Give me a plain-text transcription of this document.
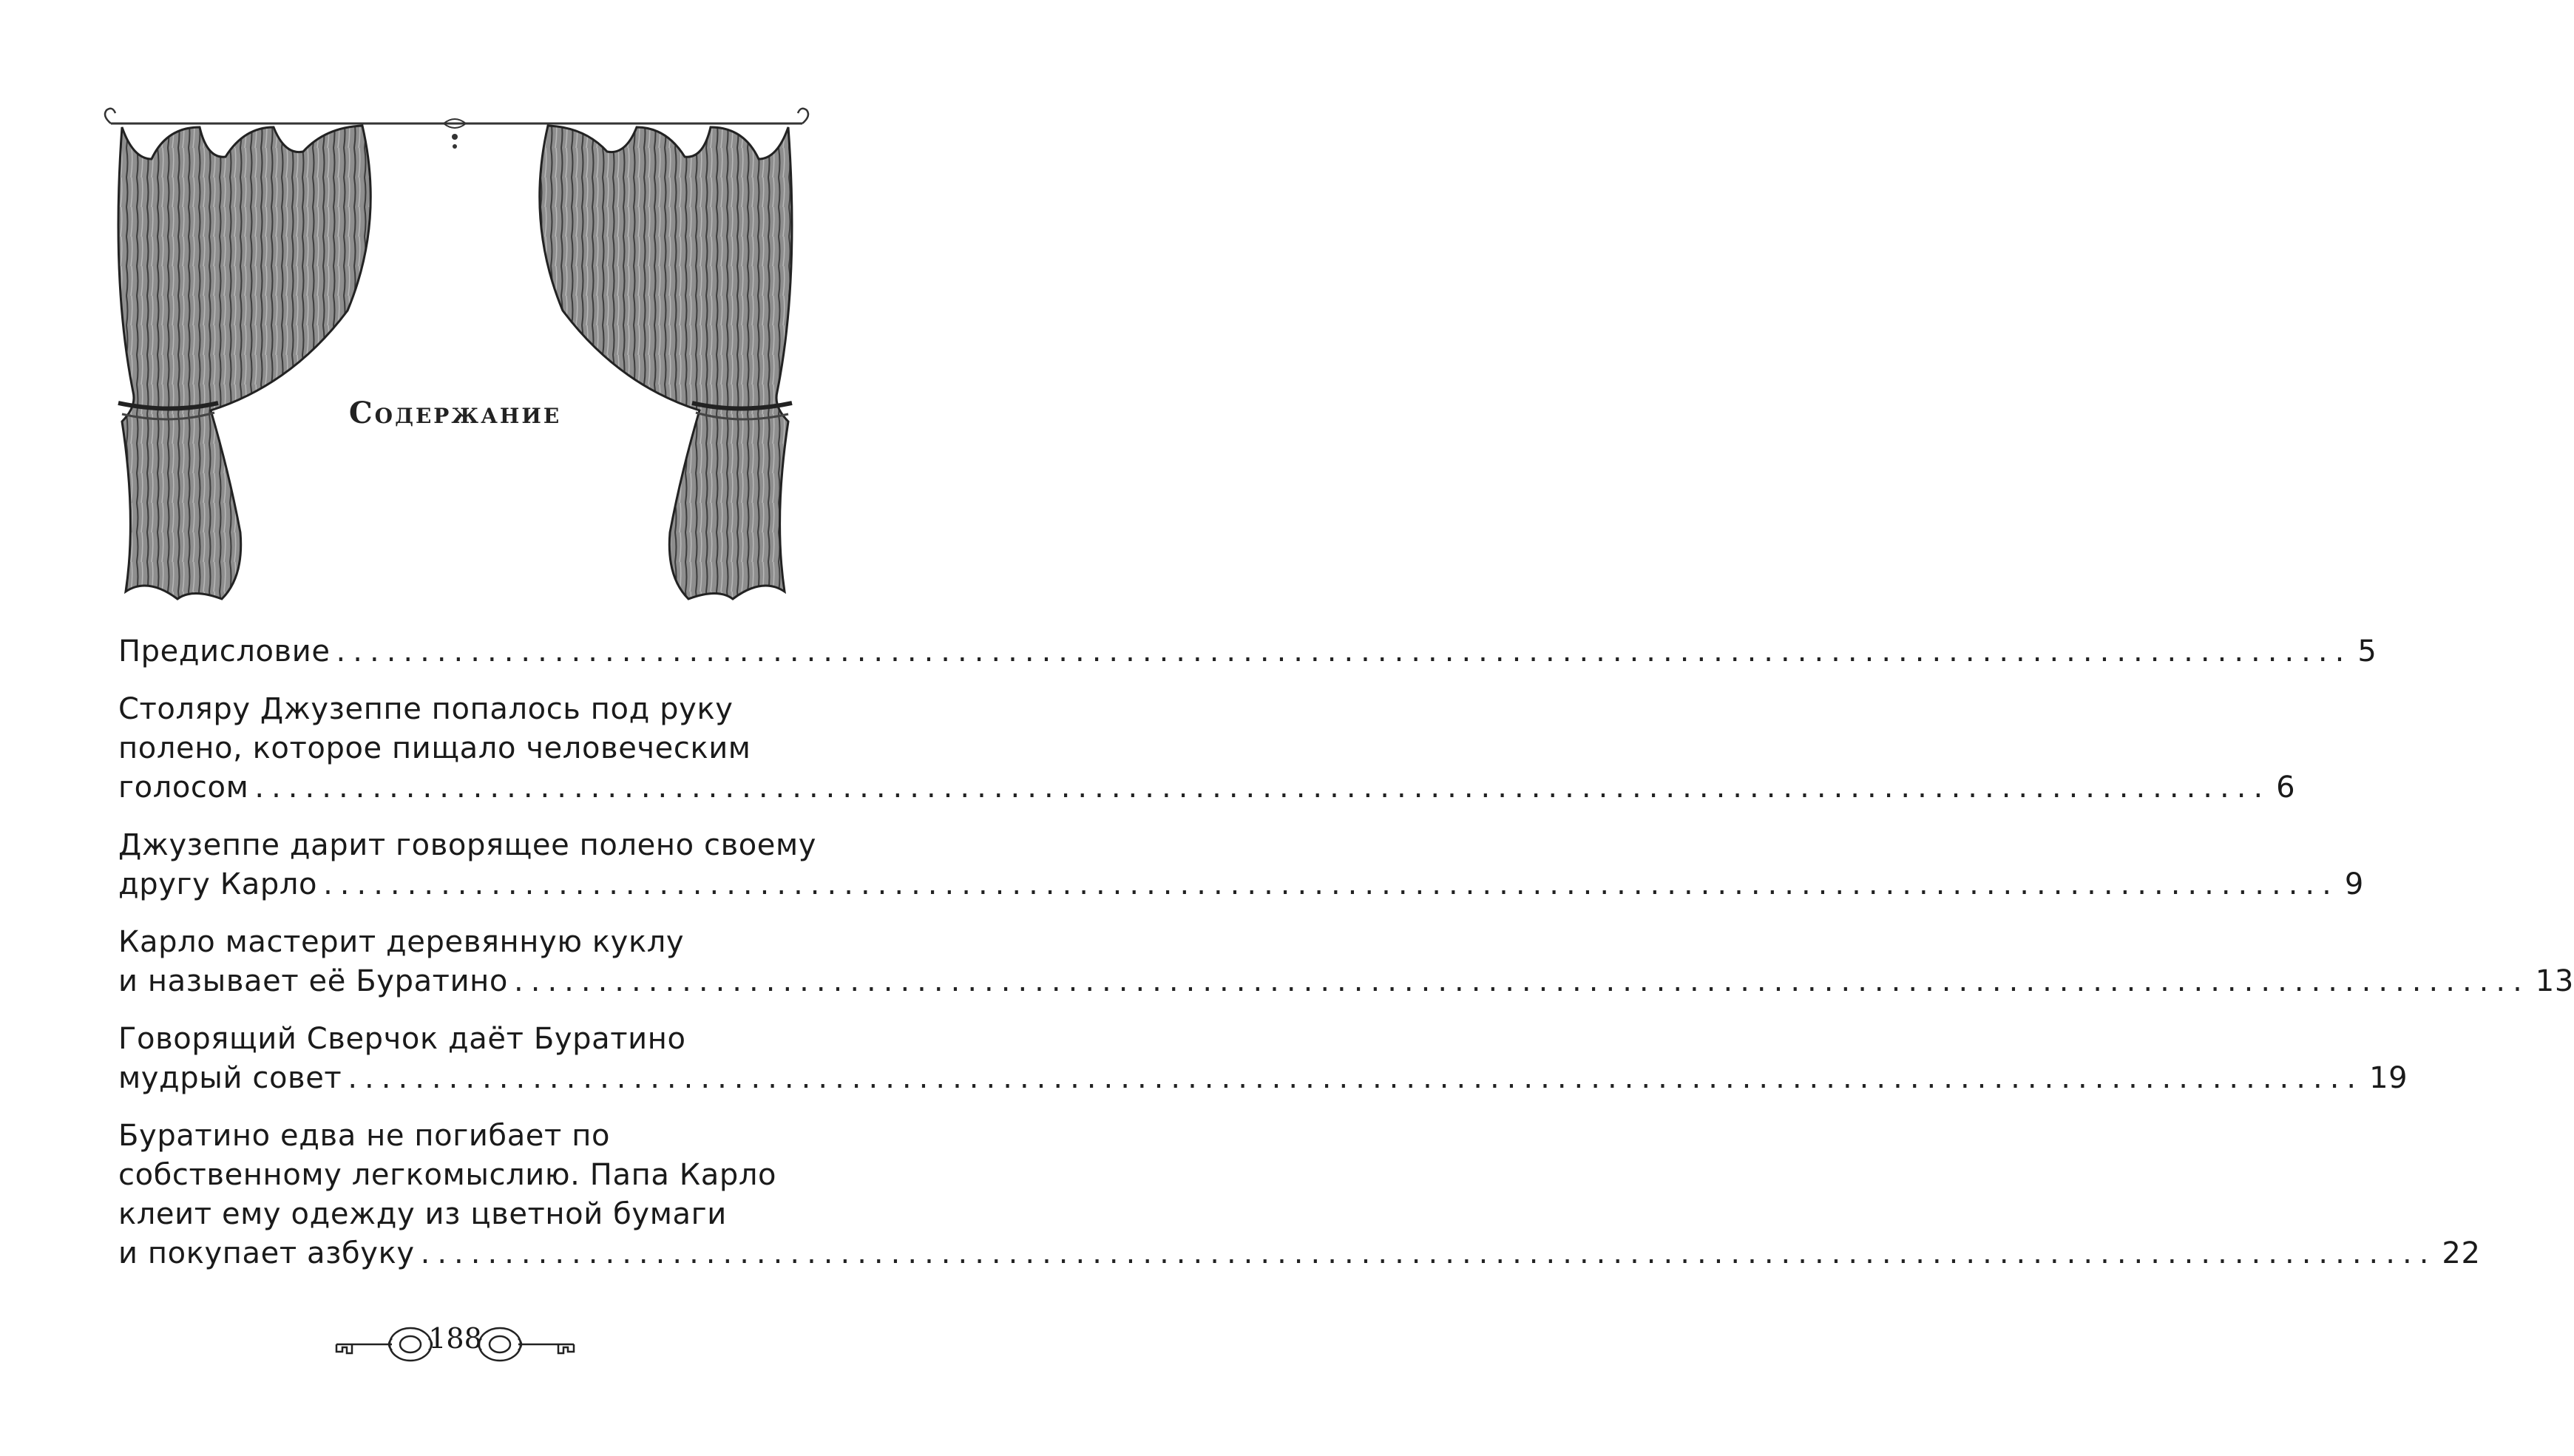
Содержание
Предисловие ........................................................................................................................ 5
Столяру Джузеппе попалось под руку
полено, которое пищало человеческим
голосом ........................................................................................................................ 6
Джузеппе дарит говорящее полено своему
другу Карло ........................................................................................................................ 9
Карло мастерит деревянную куклу
и называет её Буратино ........................................................................................................................ 13
Говорящий Сверчок даёт Буратино
мудрый совет ........................................................................................................................ 19
Буратино едва не погибает по
собственному легкомыслию. Папа Карло
клеит ему одежду из цветной бумаги
и покупает азбуку ........................................................................................................................ 22
188
